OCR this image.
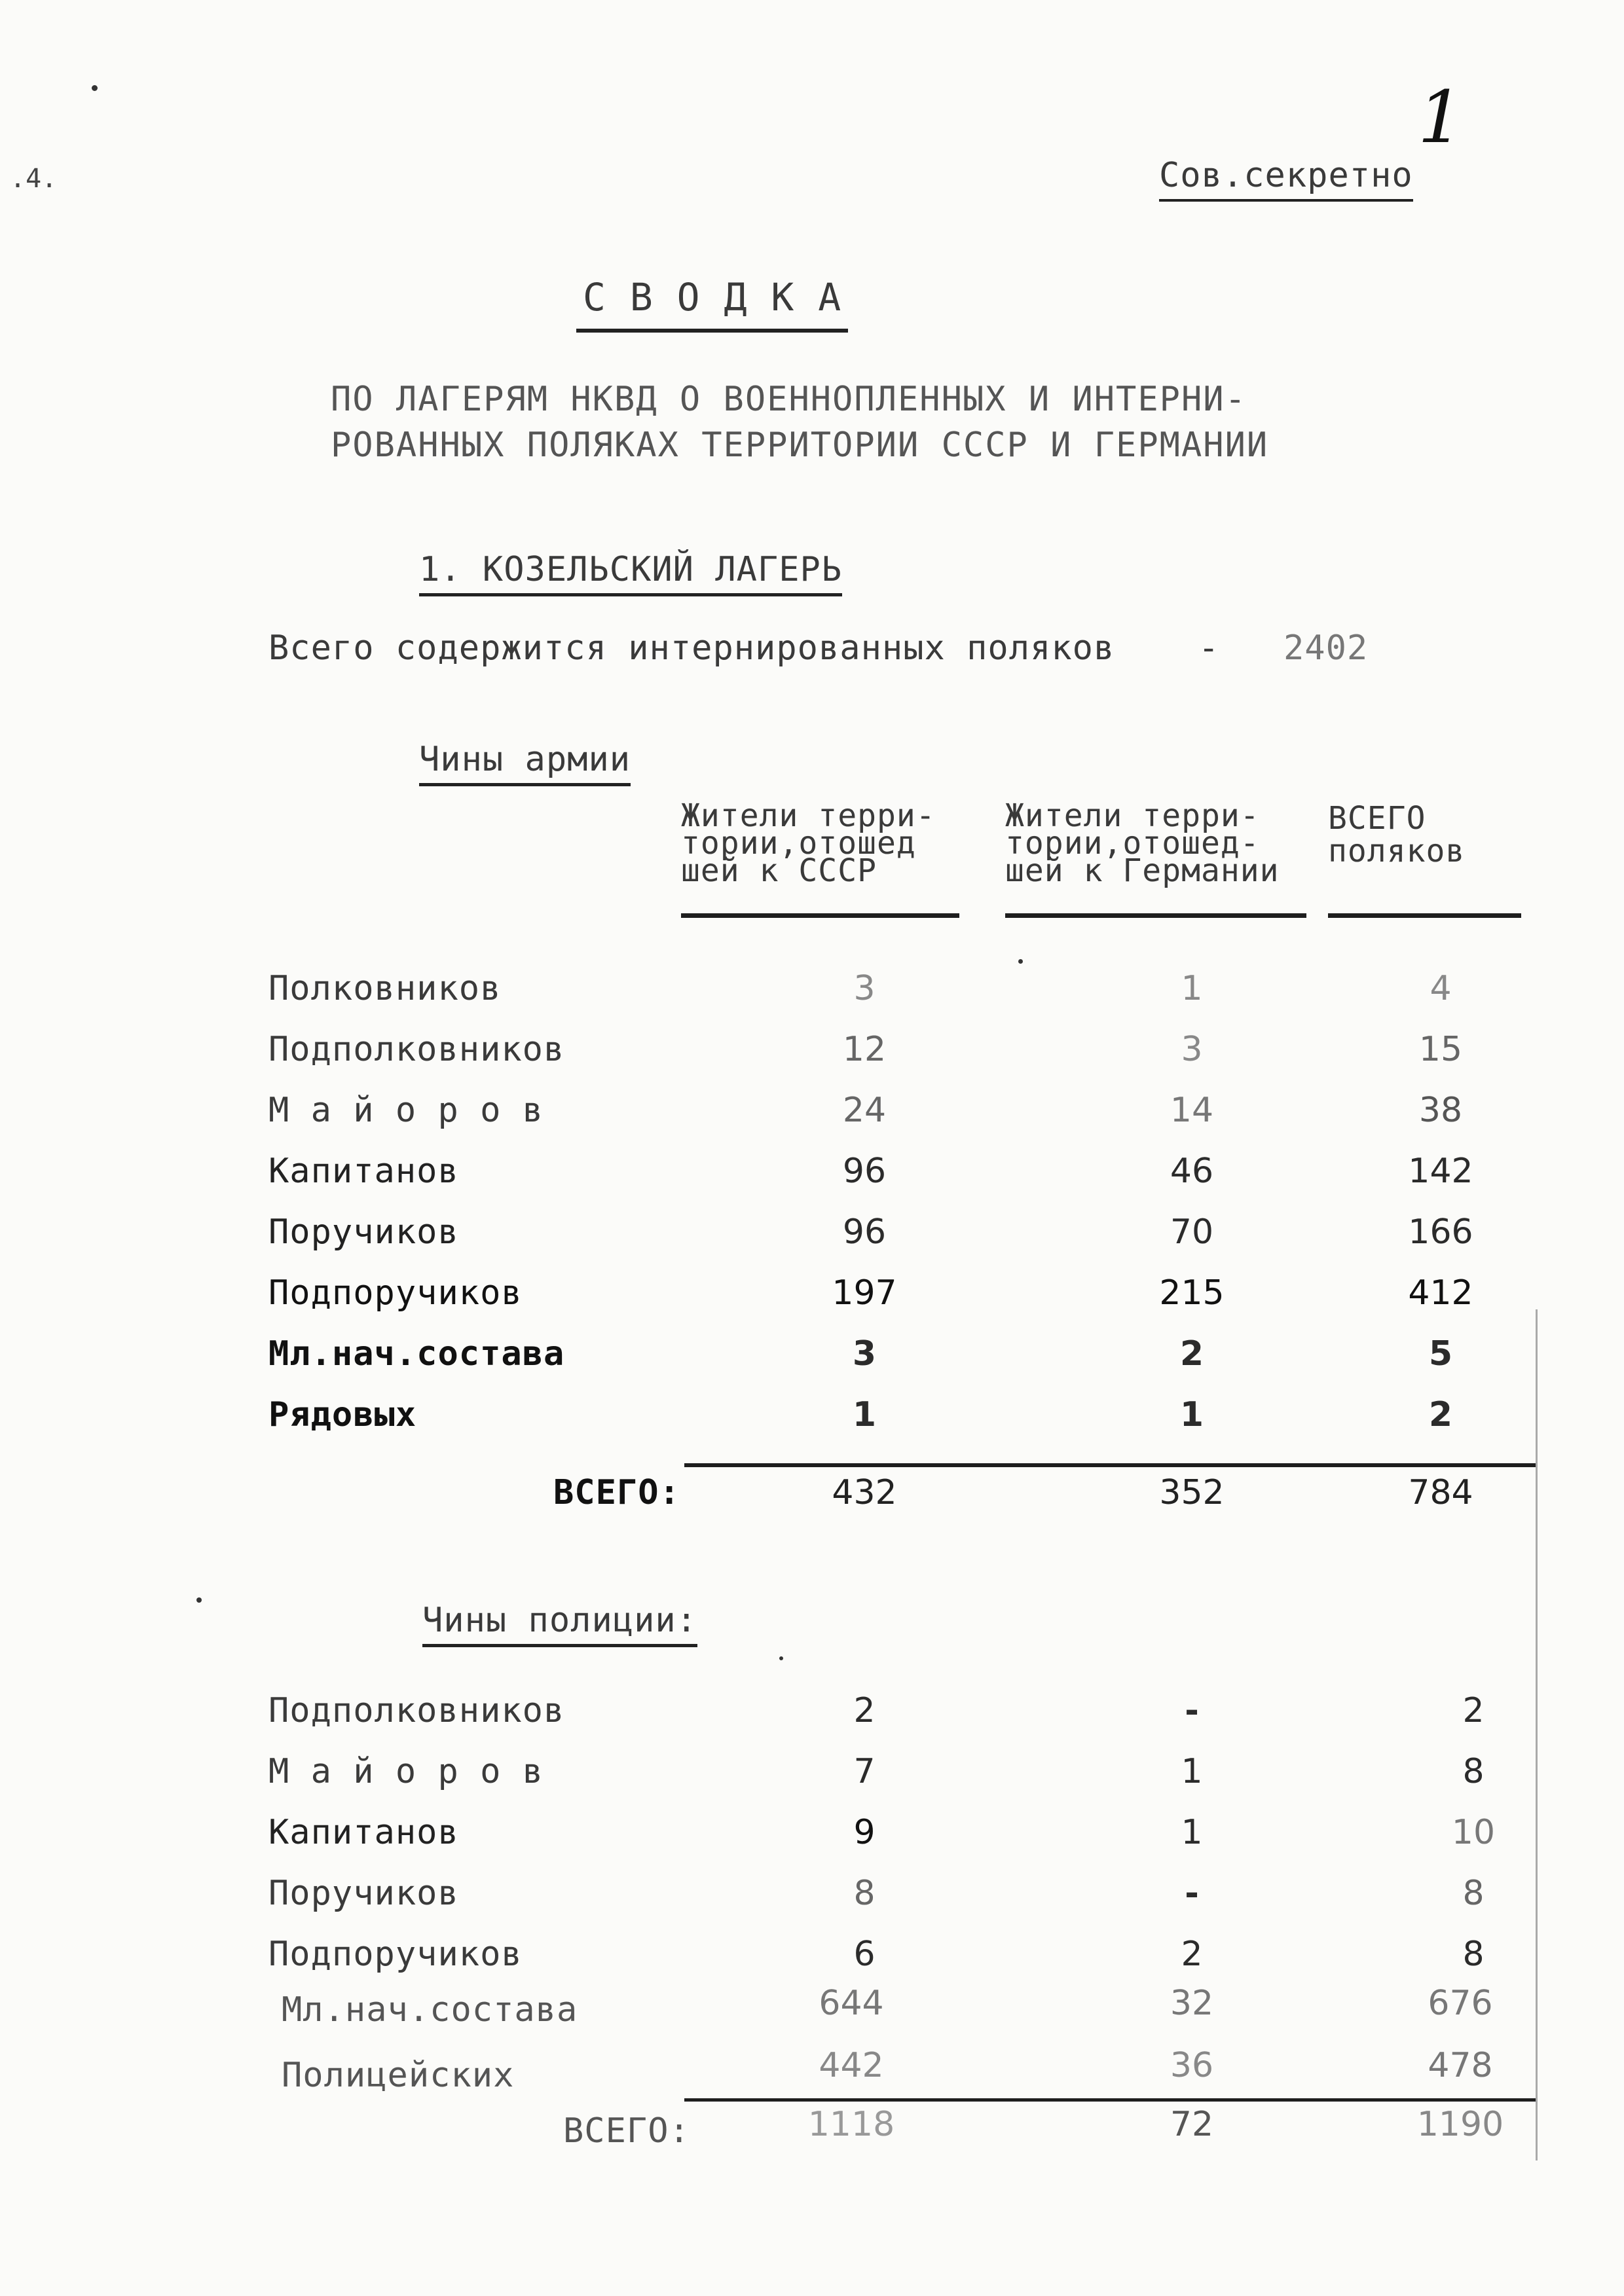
.4.
1
Сов.секретно
С В О Д К А
ПО ЛАГЕРЯМ НКВД О ВОЕННОПЛЕННЫХ И ИНТЕРНИ-
РОВАННЫХ ПОЛЯКАХ ТЕРРИТОРИИ СССР И ГЕРМАНИИ
1. КОЗЕЛЬСКИЙ ЛАГЕРЬ
Всего содержится интернированных поляков - 2402
Чины армии
Жители терри-
тории,отошед
шей к СССР
Жители терри-
тории,отошед-
шей к Германии
ВСЕГО
поляков
Полковников	3	1	4
Подполковников	12	3	15
М а й о р о в	24	14	38
Капитанов	96	46	142
Поручиков	96	70	166
Подпоручиков	197	215	412
Мл.нач.состава	3	2	5
Рядовых	1	1	2
ВСЕГО:	432	352	784
Чины полиции:
Подполковников	2	-	2
М а й о р о в	7	1	8
Капитанов	9	1	10
Поручиков	8	-	8
Подпоручиков	6	2	8
Мл.нач.состава	644	32	676
Полицейских	442	36	478
ВСЕГО:	1118	72	1190
